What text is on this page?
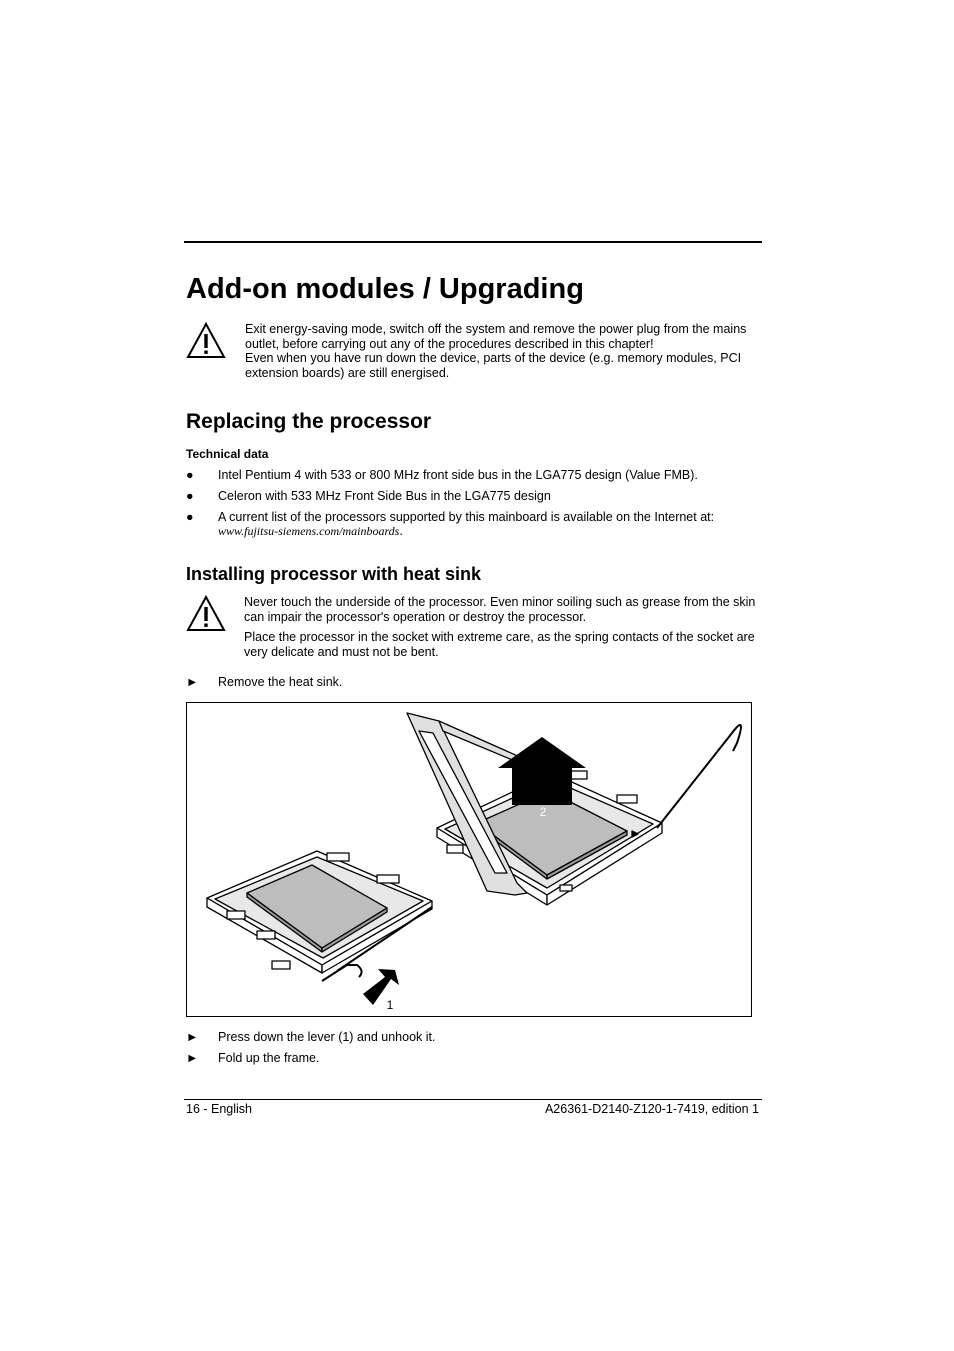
Add-on modules / Upgrading

Exit energy-saving mode, switch off the system and remove the power plug from the mains outlet, before carrying out any of the procedures described in this chapter!

Even when you have run down the device, parts of the device (e.g. memory modules, PCI extension boards) are still energised.

Replacing the processor
Technical data
●	Intel Pentium 4 with 533 or 800 MHz front side bus in the LGA775 design (Value FMB).
●	Celeron with 533 MHz Front Side Bus in the LGA775 design
●	A current list of the processors supported by this mainboard is available on the Internet at:
www.fujitsu-siemens.com/mainboards.
Installing processor with heat sink

Never touch the underside of the processor. Even minor soiling such as grease from the skin can impair the processor's operation or destroy the processor.

Place the processor in the socket with extreme care, as the spring contacts of the socket are very delicate and must not be bent.

►	Remove the heat sink.
2
1
►	Press down the lever (1) and unhook it.
►	Fold up the frame.
16 - English	A26361-D2140-Z120-1-7419, edition 1
